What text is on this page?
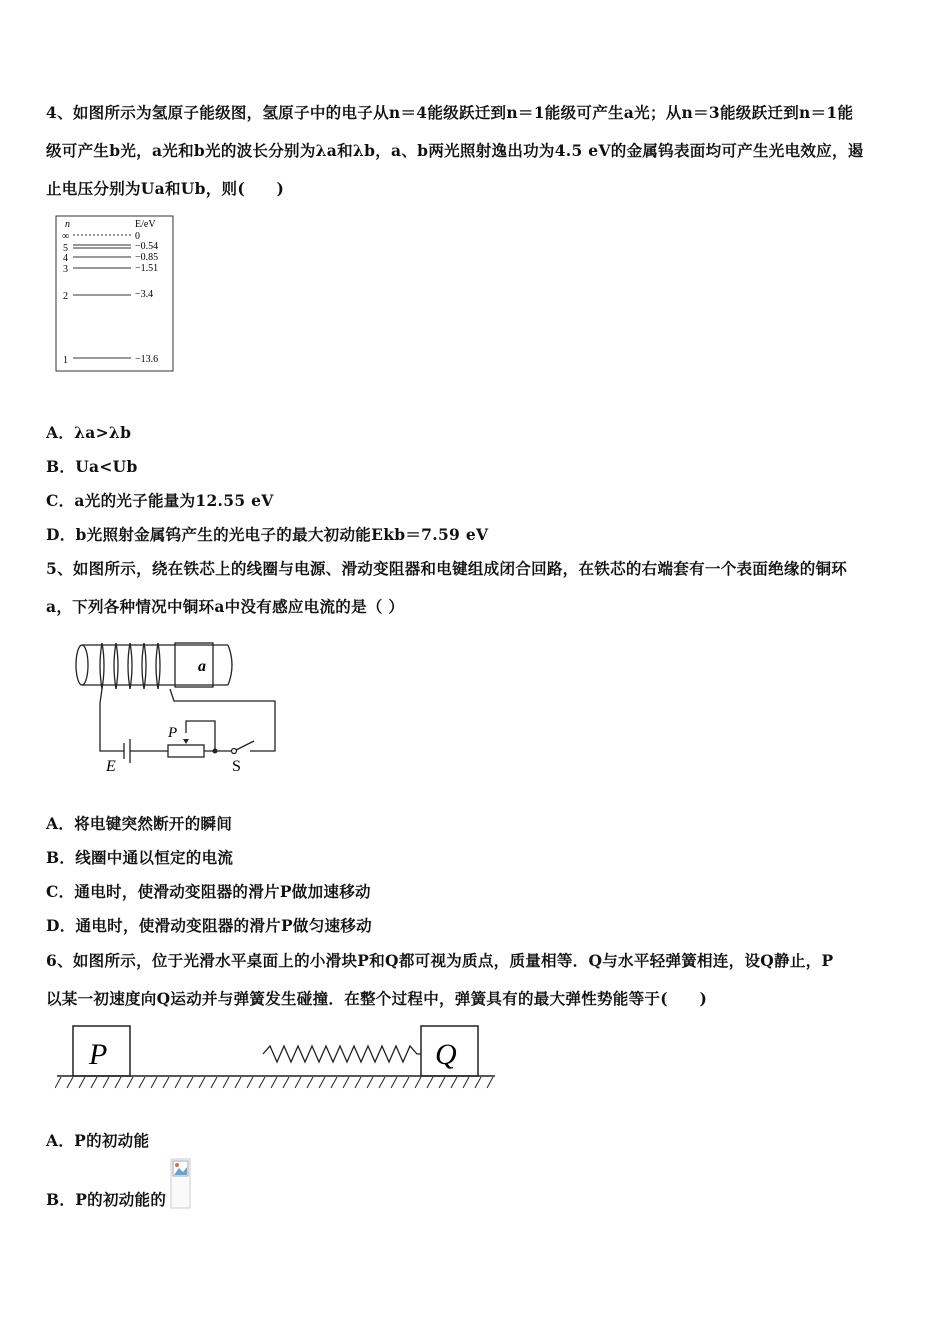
4、如图所示为氢原子能级图，氢原子中的电子从n＝4能级跃迁到n＝1能级可产生a光；从n＝3能级跃迁到n＝1能
级可产生b光，a光和b光的波长分别为λa和λb，a、b两光照射逸出功为4.5 eV的金属钨表面均可产生光电效应，遏
止电压分别为Ua和Ub，则(　　)
n	E/eV
∞	0
5	−0.54
4	−0.85
3	−1.51
2	−3.4
1	−13.6
A．λa>λb
B．Ua<Ub
C．a光的光子能量为12.55 eV
D．b光照射金属钨产生的光电子的最大初动能Ekb＝7.59 eV
5、如图所示，绕在铁芯上的线圈与电源、滑动变阻器和电键组成闭合回路，在铁芯的右端套有一个表面绝缘的铜环
a，下列各种情况中铜环a中没有感应电流的是（ ）
a
E
P
S
A．将电键突然断开的瞬间
B．线圈中通以恒定的电流
C．通电时，使滑动变阻器的滑片P做加速移动
D．通电时，使滑动变阻器的滑片P做匀速移动
6、如图所示，位于光滑水平桌面上的小滑块P和Q都可视为质点，质量相等．Q与水平轻弹簧相连，设Q静止，P
以某一初速度向Q运动并与弹簧发生碰撞．在整个过程中，弹簧具有的最大弹性势能等于(　　)
P	Q
A．P的初动能
B．P的初动能的
